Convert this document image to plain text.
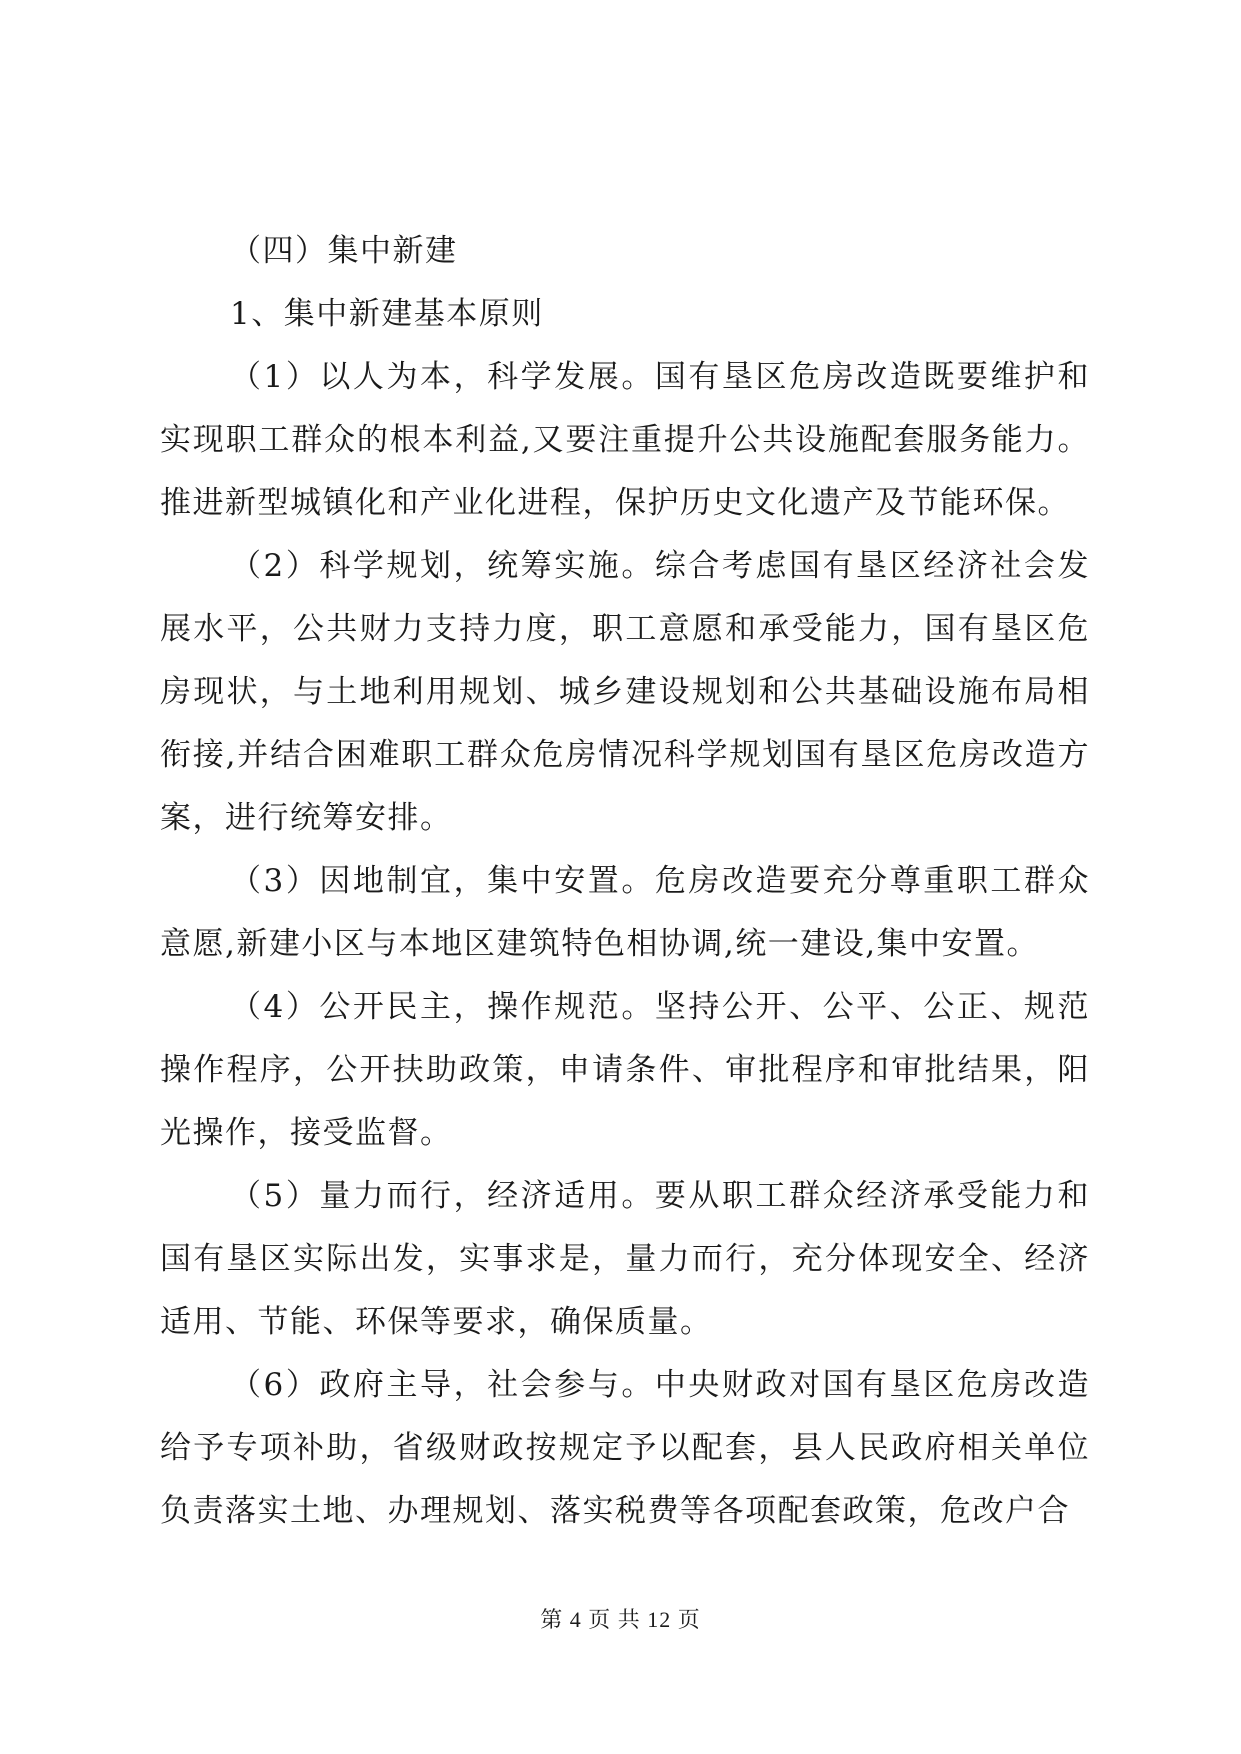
（四）集中新建

1、集中新建基本原则

（1）以人为本，科学发展。国有垦区危房改造既要维护和实现职工群众的根本利益,又要注重提升公共设施配套服务能力。推进新型城镇化和产业化进程，保护历史文化遗产及节能环保。

（2）科学规划，统筹实施。综合考虑国有垦区经济社会发展水平，公共财力支持力度，职工意愿和承受能力，国有垦区危房现状，与土地利用规划、城乡建设规划和公共基础设施布局相衔接,并结合困难职工群众危房情况科学规划国有垦区危房改造方案，进行统筹安排。

（3）因地制宜，集中安置。危房改造要充分尊重职工群众意愿,新建小区与本地区建筑特色相协调,统一建设,集中安置。

（4）公开民主，操作规范。坚持公开、公平、公正、规范操作程序，公开扶助政策，申请条件、审批程序和审批结果，阳光操作，接受监督。

（5）量力而行，经济适用。要从职工群众经济承受能力和国有垦区实际出发，实事求是，量力而行，充分体现安全、经济适用、节能、环保等要求，确保质量。

（6）政府主导，社会参与。中央财政对国有垦区危房改造给予专项补助，省级财政按规定予以配套，县人民政府相关单位负责落实土地、办理规划、落实税费等各项配套政策，危改户合

第 4 页 共 12 页
